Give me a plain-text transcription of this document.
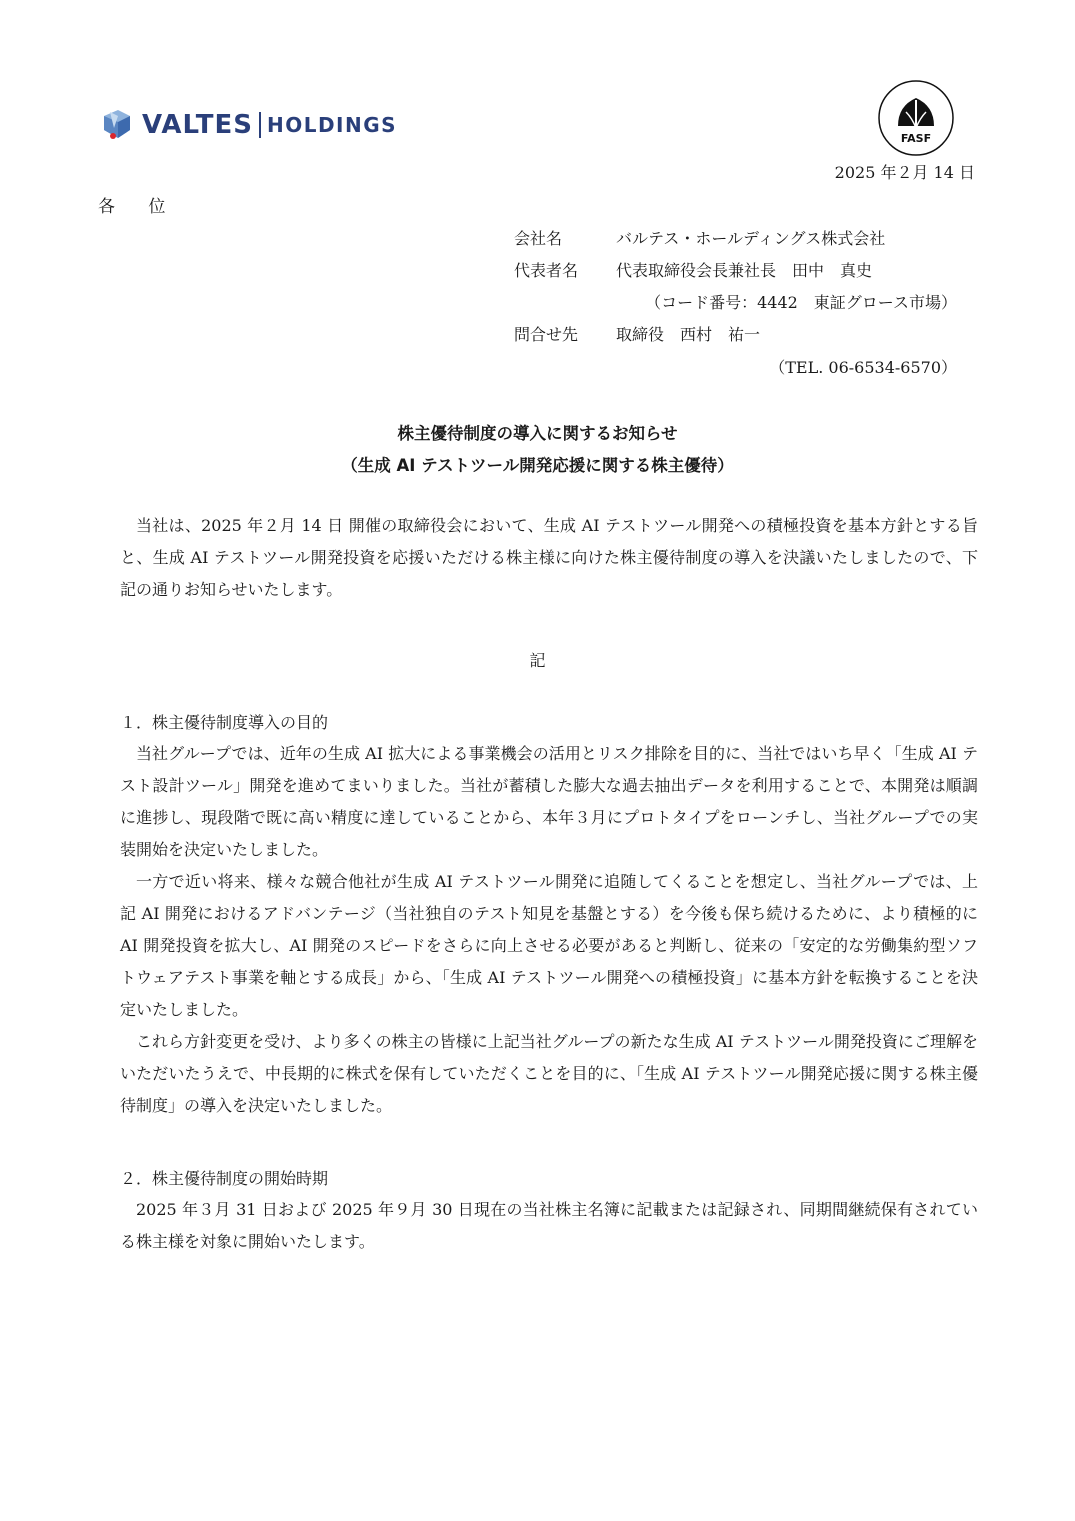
VALTES HOLDINGS
FASF
2025 年２月 14 日
各 位
会社名	バルテス・ホールディングス株式会社
代表者名 代表取締役会長兼社長　田中　真史
（コード番号：4442　東証グロース市場）
問合せ先 取締役　西村　祐一
（TEL. 06-6534-6570）
株主優待制度の導入に関するお知らせ
（生成 AI テストツール開発応援に関する株主優待）

当社は、2025 年２月 14 日 開催の取締役会において、生成 AI テストツール開発への積極投資を基本方針とする旨と、生成 AI テストツール開発投資を応援いただける株主様に向けた株主優待制度の導入を決議いたしましたので、下記の通りお知らせいたします。

記
１．株主優待制度導入の目的

当社グループでは、近年の生成 AI 拡大による事業機会の活用とリスク排除を目的に、当社ではいち早く「生成 AI テスト設計ツール」開発を進めてまいりました。当社が蓄積した膨大な過去抽出データを利用することで、本開発は順調に進捗し、現段階で既に高い精度に達していることから、本年３月にプロトタイプをローンチし、当社グループでの実装開始を決定いたしました。

一方で近い将来、様々な競合他社が生成 AI テストツール開発に追随してくることを想定し、当社グループでは、上記 AI 開発におけるアドバンテージ（当社独自のテスト知見を基盤とする）を今後も保ち続けるために、より積極的に AI 開発投資を拡大し、AI 開発のスピードをさらに向上させる必要があると判断し、従来の「安定的な労働集約型ソフトウェアテスト事業を軸とする成長」から、「生成 AI テストツール開発への積極投資」に基本方針を転換することを決定いたしました。

これら方針変更を受け、より多くの株主の皆様に上記当社グループの新たな生成 AI テストツール開発投資にご理解をいただいたうえで、中長期的に株式を保有していただくことを目的に、「生成 AI テストツール開発応援に関する株主優待制度」の導入を決定いたしました。

２．株主優待制度の開始時期

2025 年３月 31 日および 2025 年９月 30 日現在の当社株主名簿に記載または記録され、同期間継続保有されている株主様を対象に開始いたします。
